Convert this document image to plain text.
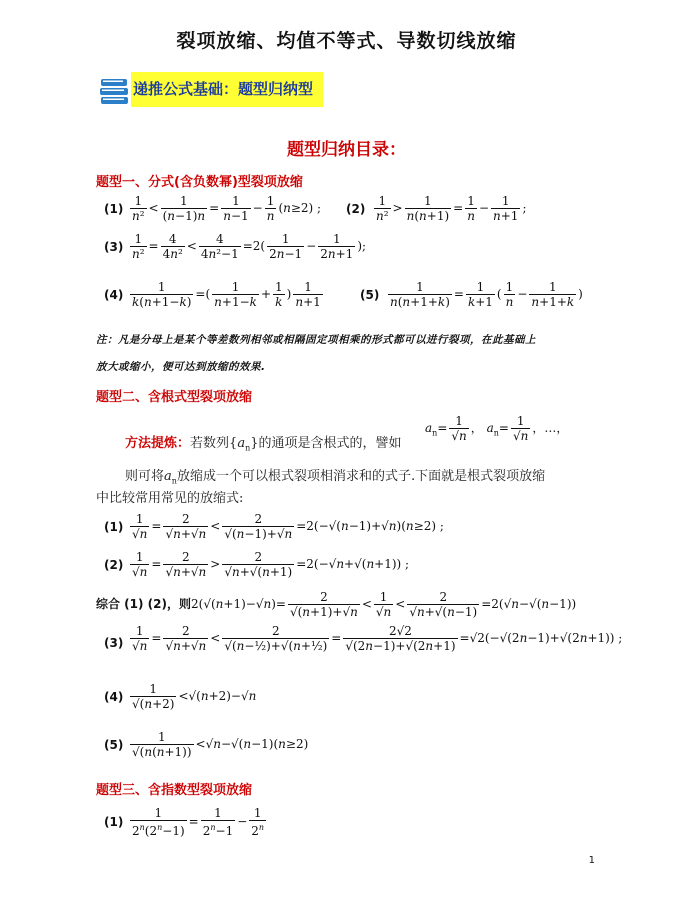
裂项放缩、均值不等式、导数切线放缩
递推公式基础：题型归纳型
题型归纳目录：
题型一、分式(含负数幂)型裂项放缩
$(1) \frac{1}{\text{n²}} < \frac{1}{(n-1)n} = \frac{1}{n-1} - \frac{1}{n} (n\ge 2)$ ; $(2) \frac{1}{\text{n²}} > \frac{1}{n(n+1)} = \frac{1}{n} - \frac{1}{n+1}$ ;
$(3) \frac{1}{\text{n²}} = \frac{4}{\text{4n²}} < \frac{4}{\text{4n²−1}} =2( \frac{1}{2n-1} - \frac{1}{2n+1}$ );
$(4) \frac{1}{k(n+1-k)}$ =( $\frac{1}{n+1-k} + \frac{1}{k}$ ) $\frac{1}{n+1}$	$(5) \frac{1}{n(n+1+k)} = \frac{1}{k+1}$ ( $\frac{1}{n} - \frac{1}{n+1+k}$ )
注：凡是分母上是某个等差数列相邻或相隔固定项相乘的形式都可以进行裂项，在此基础上
放大或缩小，便可达到放缩的效果.
题型二、含根式型裂项放缩
方法提炼：若数列$\{a_n\}$的通项是含根式的，譬如
$a_n= \frac{1}{√n}$ ， $a_n= \frac{1}{√n}$ ，…，
则可将$a_n$放缩成一个可以根式裂项相消求和的式子.下面就是根式裂项放缩
中比较常用常见的放缩式:
$(1) \frac{1}{√n} = \frac{2}{√n+√n} < \frac{2}{√(n-1)+√n} =2(-√(n-1)+√n)(n\ge 2)$ ;
$(2) \frac{1}{√n} = \frac{2}{√n+√n} > \frac{2}{√n+√(n+1)} =2(-√n+√(n+1))$ ;
综合 (1) (2)，则$2(√(n+1)-√n)= \frac{2}{√(n+1)+√n} < \frac{1}{√n} < \frac{2}{√n+√(n-1)} =2(√n-√(n-1))$
$(3) \frac{1}{√n} = \frac{2}{√n+√n} < \frac{2}{\text{√(n−½)+√(n+½)}} = \frac{2√2}{√(2n-1)+√(2n+1)} =√2(-√(2n-1)+√(2n+1))$ ;
$(4) \frac{1}{√(n+2)} <√(n+2)-√n$
$(5) \frac{1}{√(n(n+1))} <√n-√(n-1)(n\ge 2)$
题型三、含指数型裂项放缩
$(1) \frac{1}{2^n(2^n-1)} = \frac{1}{2^n-1} - \frac{1}{2^n}$
1
